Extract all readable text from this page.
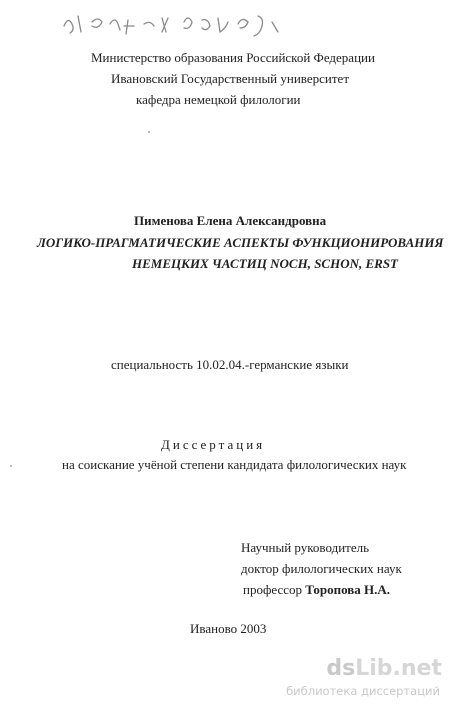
Министерство образования Российской Федерации
Ивановский Государственный университет
кафедра немецкой филологии
Пименова Елена Александровна
ЛОГИКО-ПРАГМАТИЧЕСКИЕ АСПЕКТЫ ФУНКЦИОНИРОВАНИЯ
НЕМЕЦКИХ ЧАСТИЦ NOCH, SCHON, ERST
специальность 10.02.04.-германские языки
Диссертация
на соискание учёной степени кандидата филологических наук
Научный руководитель
доктор филологических наук
профессор Торопова Н.А.
Иваново 2003
dsLib.net
библиотека диссертаций
